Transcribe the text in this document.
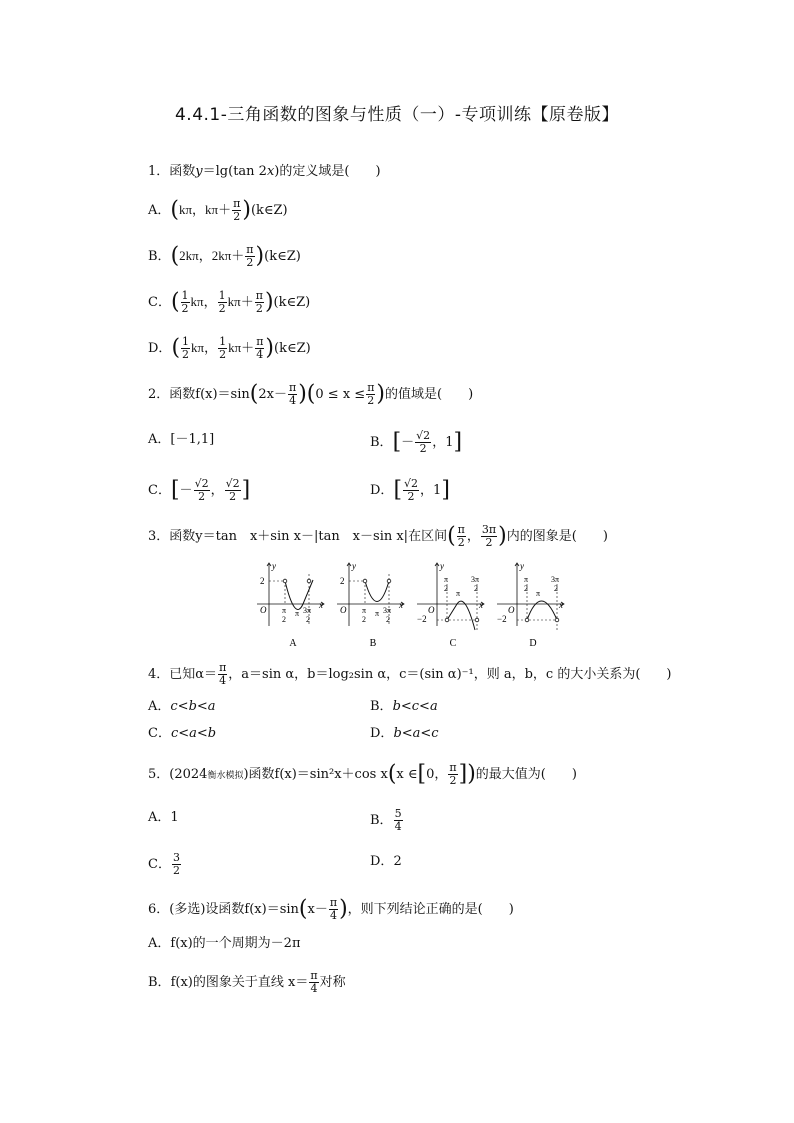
4.4.1-三角函数的图象与性质（一）-专项训练【原卷版】
1．函数y＝lg(tan 2x)的定义域是(　　)
A．(kπ，$k\pi+ \frac{\pi}{2}$ )(k∈Z)
B．(2kπ，$2k\pi+ \frac{\pi}{2}$ )(k∈Z)
C．( $\frac{1}{2}$ kπ， $\frac{1}{2} k\pi+ \frac{\pi}{2}$ )(k∈Z)
D．( $\frac{1}{2}$ kπ， $\frac{1}{2} k\pi+ \frac{\pi}{4}$ )(k∈Z)
2．函数$f(x)=\sin(2x- \frac{\pi}{4} )(0 \le x \le \frac{\pi}{2}$ )的值域是(　　)
A．[－1,1]	B．[－ $\frac{√2}{2}$ ，1]
C．[－ $\frac{√2}{2}$ ， $\frac{√2}{2}$ ]	D．[ $\frac{√2}{2}$ ，1]
3．函数y＝tan　x＋sin x－|tan　x－sin x|在区间( $\frac{\pi}{2}$ ， $\frac{3\pi}{2}$ )内的图象是(　　)
y
x
O
2
π
2
π 3π
2
A
y
x
O
2
π
2
π 3π
2
B
y
x
O
−2
π
2
π
3π
2
C
y
x
O
−2
π
2
π
3π
2
D
4．已知$\alpha= \frac{\pi}{4}$ ，a＝sin α，b＝log₂sin α，c＝(sin α)⁻¹，则 a，b，c 的大小关系为(　　)
A．c<b<a	B．b<c<a
C．c<a<b	D．b<a<c
5．(2024衡水模拟)函数f(x)＝sin²x＋cos x(x ∈[0， $\frac{\pi}{2}$ ])的最大值为(　　)
A．1	B． $\frac{5}{4}$
C． $\frac{3}{2}$	D．2
6．(多选)设函数$f(x)=\sin(x- \frac{\pi}{4}$ )，则下列结论正确的是(　　)
A．f(x)的一个周期为－2π
B．f(x)的图象关于直线 $x= \frac{\pi}{4}$ 对称
